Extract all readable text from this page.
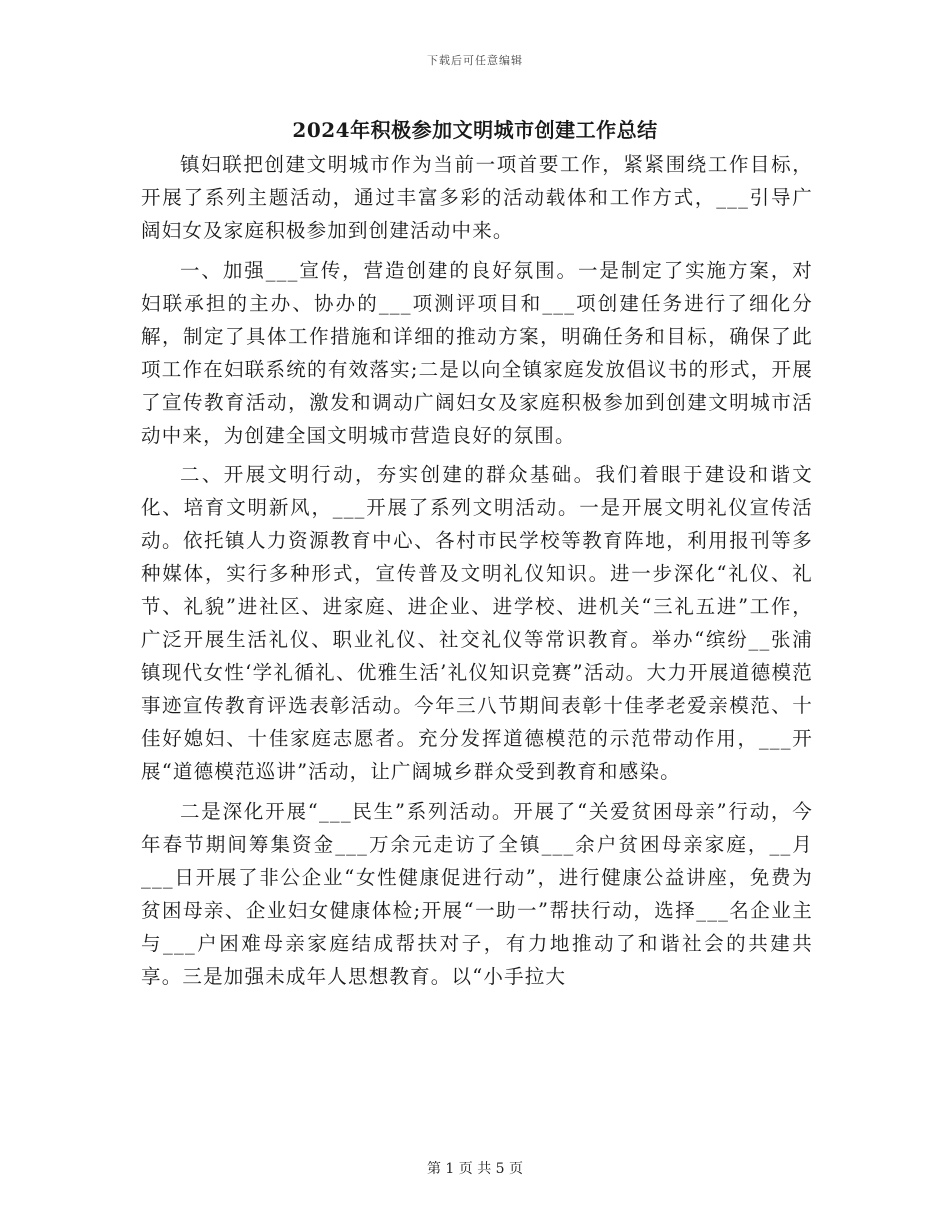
下载后可任意编辑
2024年积极参加文明城市创建工作总结

镇妇联把创建文明城市作为当前一项首要工作，紧紧围绕工作目标，开展了系列主题活动，通过丰富多彩的活动载体和工作方式，___引导广阔妇女及家庭积极参加到创建活动中来。

一、加强___宣传，营造创建的良好氛围。一是制定了实施方案，对妇联承担的主办、协办的___项测评项目和___项创建任务进行了细化分解，制定了具体工作措施和详细的推动方案，明确任务和目标，确保了此项工作在妇联系统的有效落实;二是以向全镇家庭发放倡议书的形式，开展了宣传教育活动，激发和调动广阔妇女及家庭积极参加到创建文明城市活动中来，为创建全国文明城市营造良好的氛围。

二、开展文明行动，夯实创建的群众基础。我们着眼于建设和谐文化、培育文明新风，___开展了系列文明活动。一是开展文明礼仪宣传活动。依托镇人力资源教育中心、各村市民学校等教育阵地，利用报刊等多种媒体，实行多种形式，宣传普及文明礼仪知识。进一步深化“礼仪、礼节、礼貌”进社区、进家庭、进企业、进学校、进机关“三礼五进”工作，广泛开展生活礼仪、职业礼仪、社交礼仪等常识教育。举办“缤纷__张浦镇现代女性‘学礼循礼、优雅生活’礼仪知识竞赛”活动。大力开展道德模范事迹宣传教育评选表彰活动。今年三八节期间表彰十佳孝老爱亲模范、十佳好媳妇、十佳家庭志愿者。充分发挥道德模范的示范带动作用，___开展“道德模范巡讲”活动，让广阔城乡群众受到教育和感染。

二是深化开展“___民生”系列活动。开展了“关爱贫困母亲”行动，今年春节期间筹集资金___万余元走访了全镇___余户贫困母亲家庭，__月___日开展了非公企业“女性健康促进行动”，进行健康公益讲座，免费为贫困母亲、企业妇女健康体检;开展“一助一”帮扶行动，选择___名企业主与___户困难母亲家庭结成帮扶对子，有力地推动了和谐社会的共建共享。三是加强未成年人思想教育。以“小手拉大

第 1 页 共 5 页
